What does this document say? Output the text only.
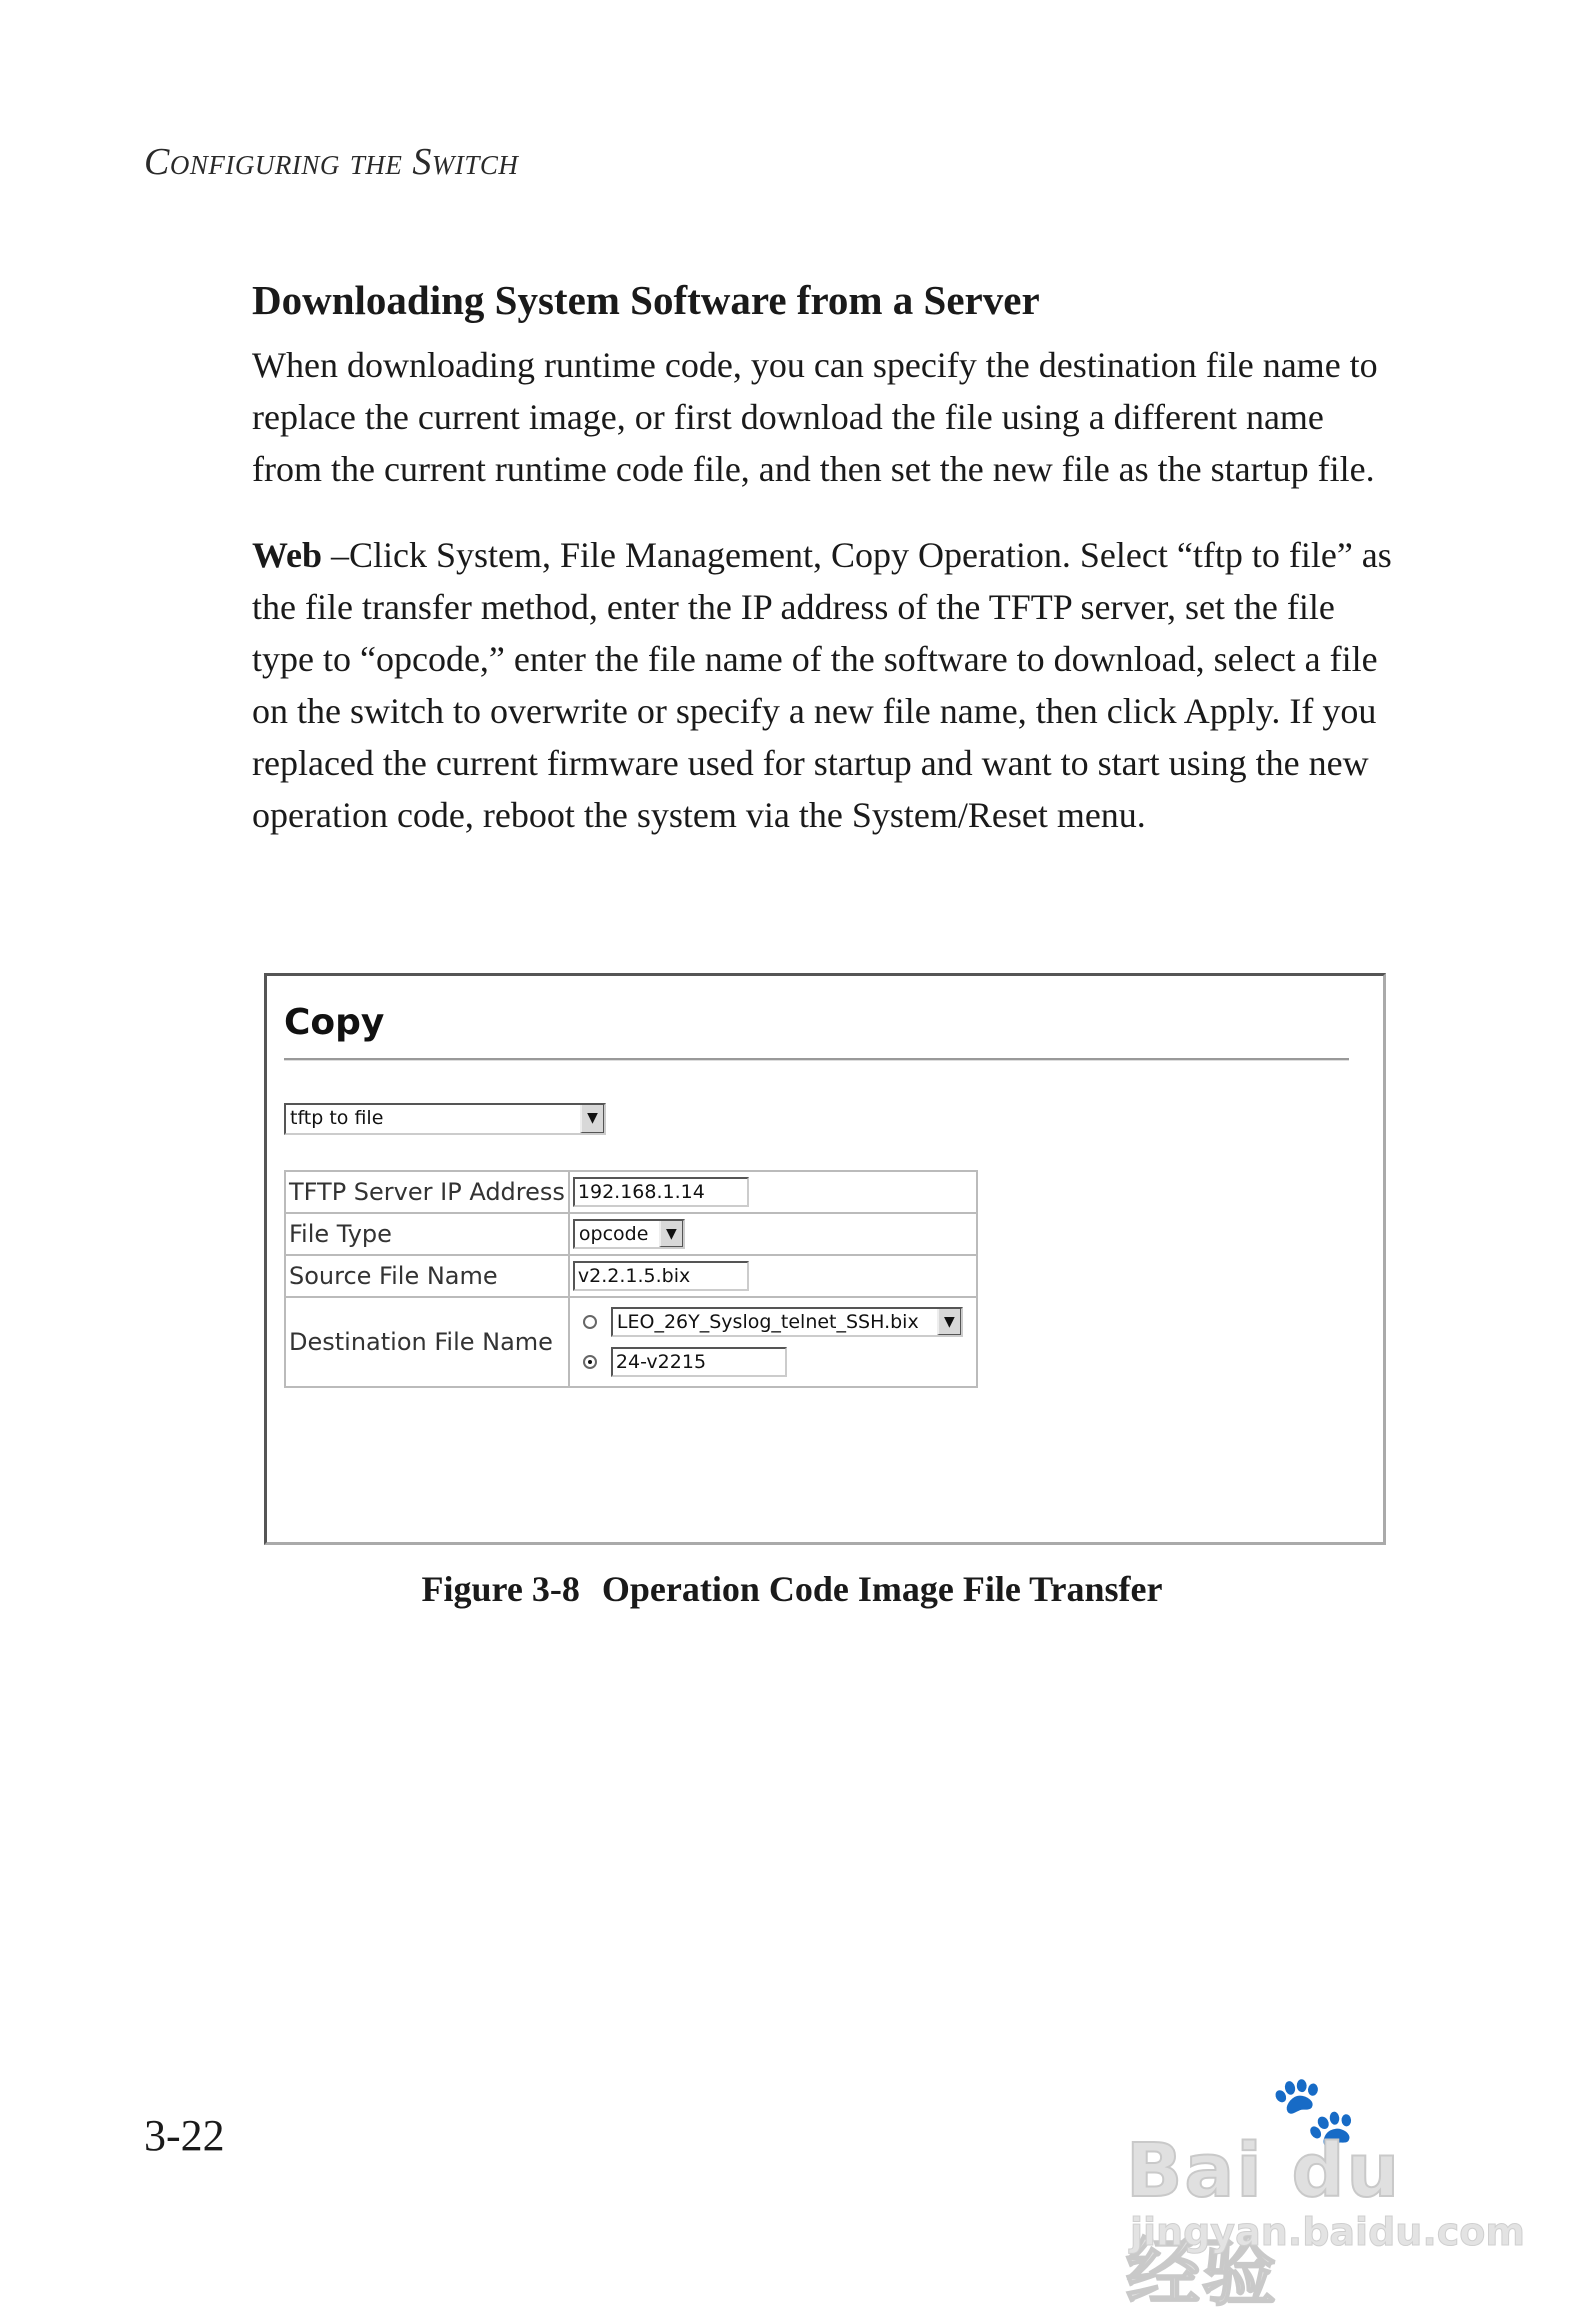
Configuring the Switch
Downloading System Software from a Server

When downloading runtime code, you can specify the destination file name to replace the current image, or first download the file using a different name from the current runtime code file, and then set the new file as the startup file.

Web –Click System, File Management, Copy Operation. Select “tftp to file” as the file transfer method, enter the IP address of the TFTP server, set the file type to “opcode,” enter the file name of the software to download, select a file on the switch to overwrite or specify a new file name, then click Apply. If you replaced the current firmware used for startup and want to start using the new operation code, reboot the system via the System/Reset menu.

Copy
tftp to file	▼
TFTP Server IP Address	192.168.1.14
File Type	opcode ▼

Source File Name	v2.2.1.5.bix
Destination File Name	LEO_26Y_Syslog_telnet_SSH.bix ▼
24-v2215
Figure 3-8 Operation Code Image File Transfer
3-22	🐾
Bai du 经验
jingyan.baidu.com
